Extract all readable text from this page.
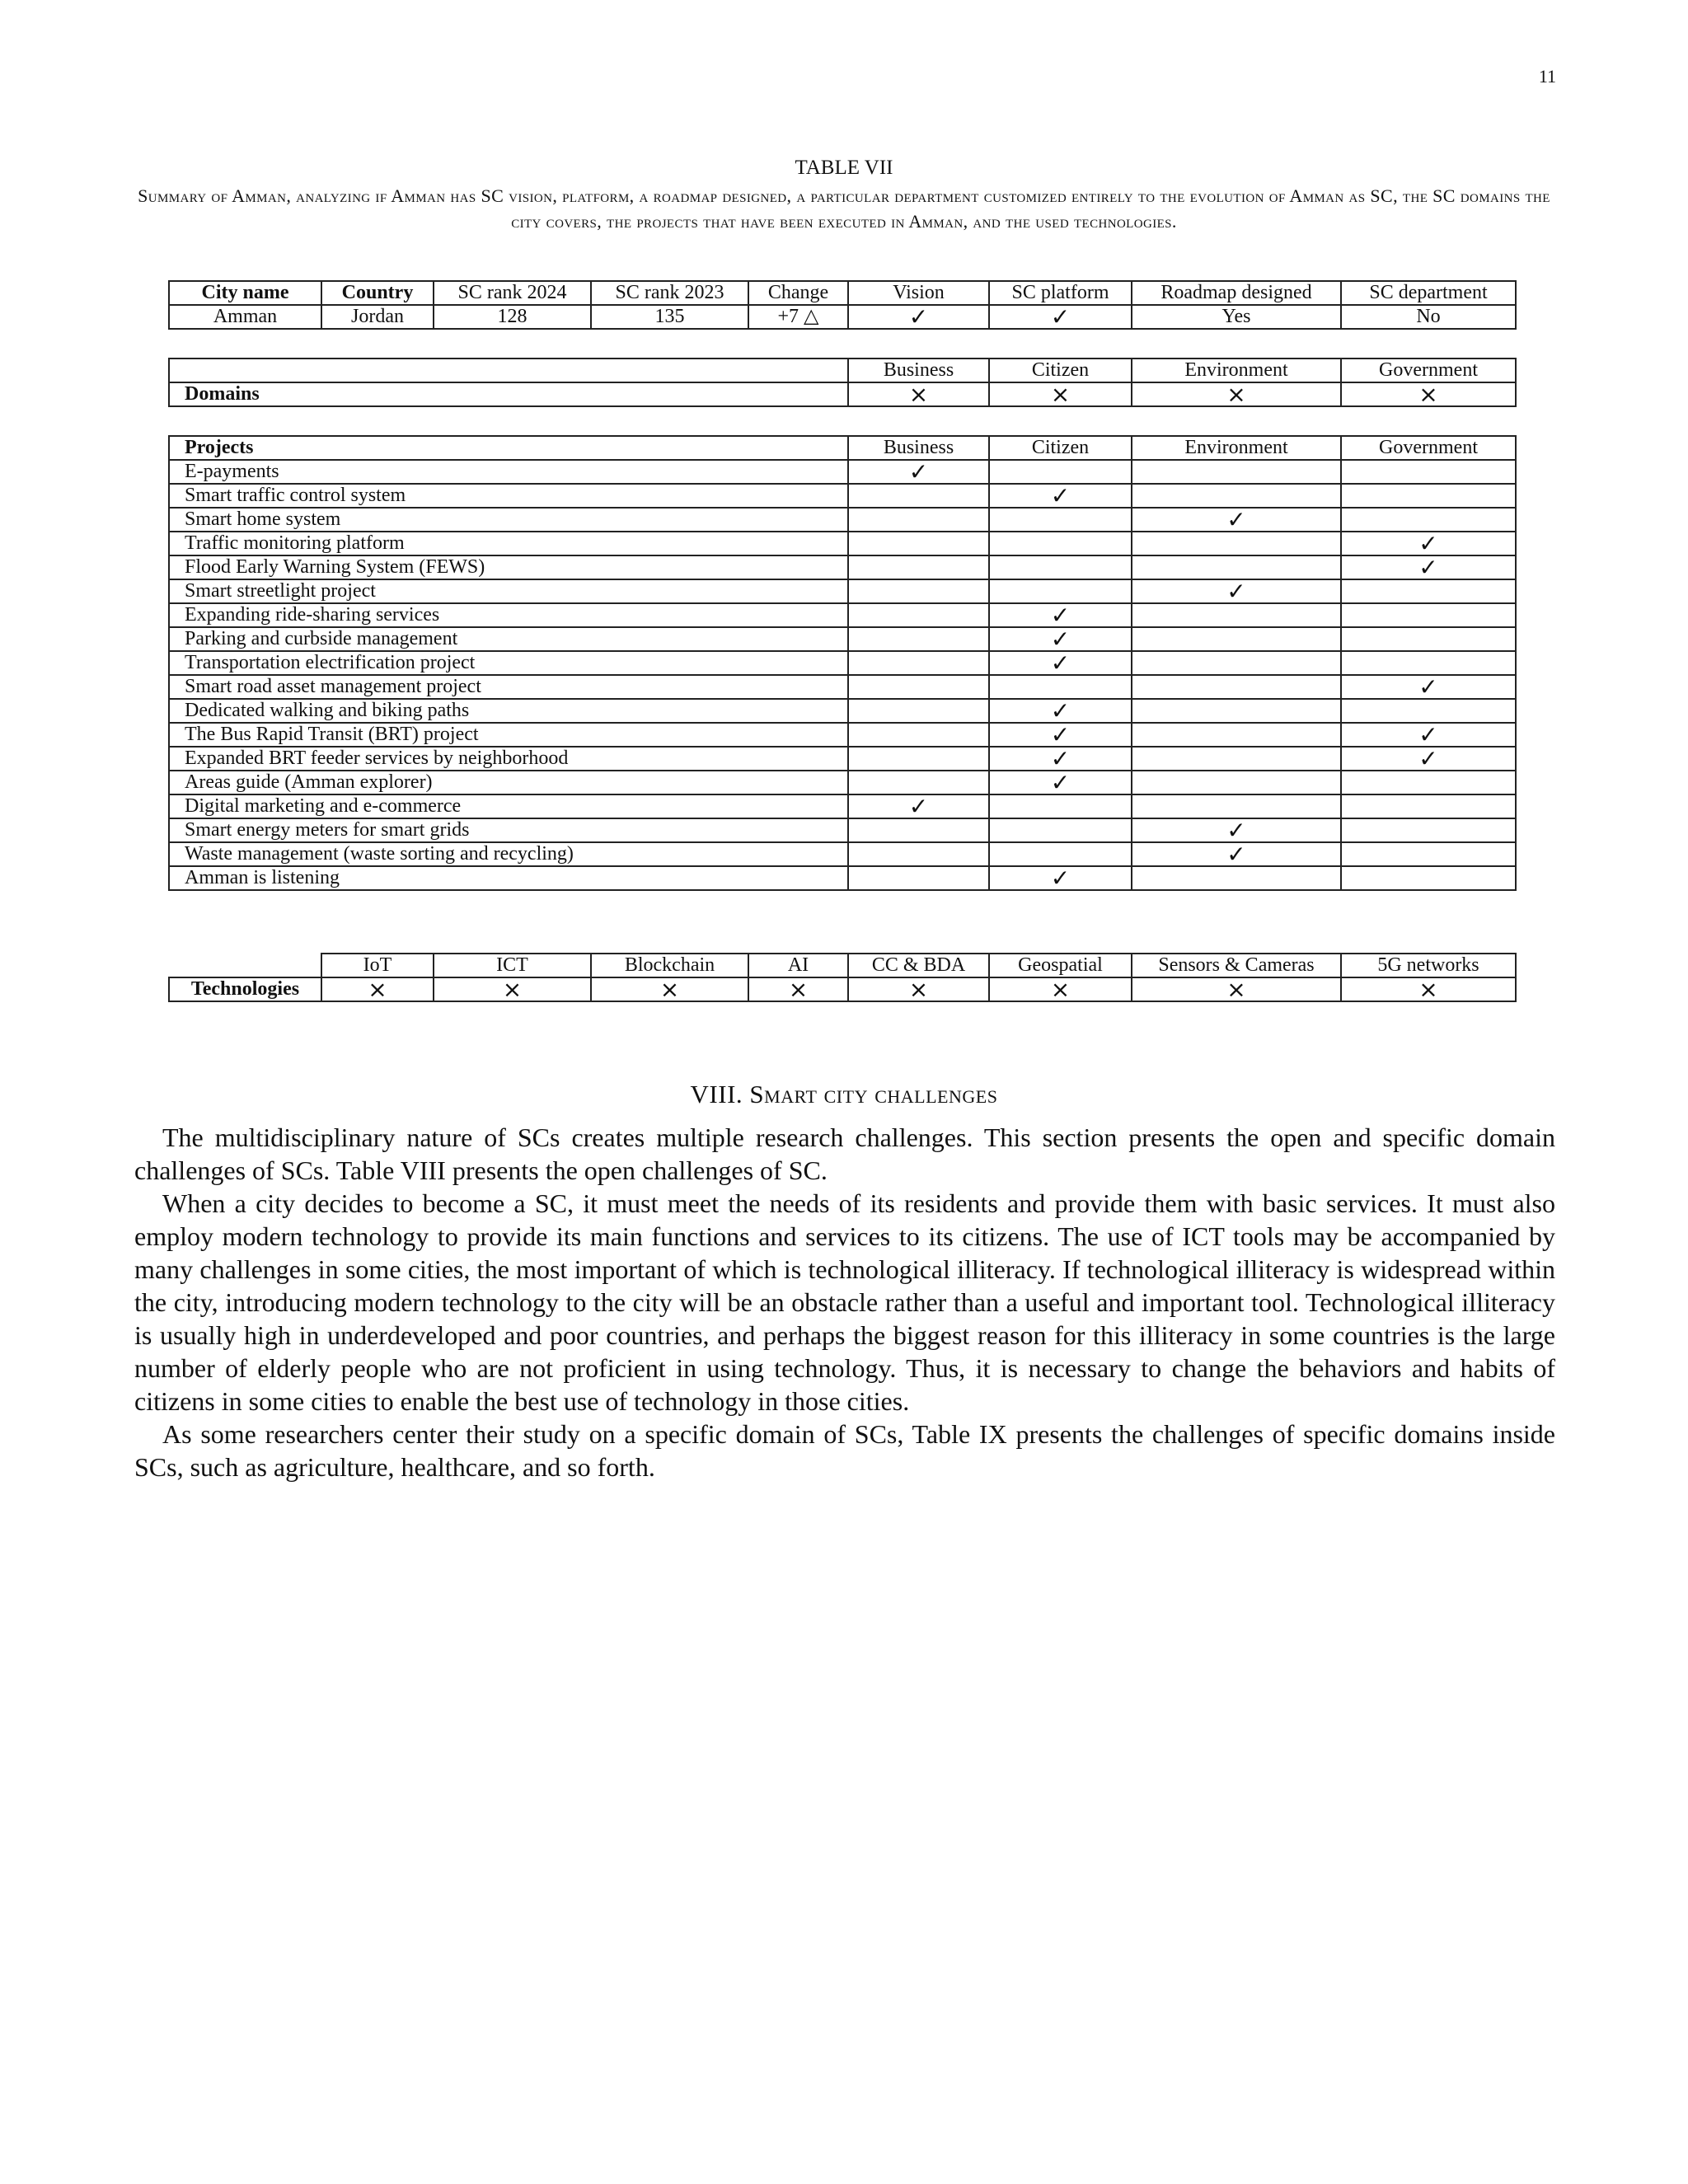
11
TABLE VII
Summary of Amman, analyzing if Amman has SC vision, platform, a roadmap designed, a particular department customized entirely to the evolution of Amman as SC, the SC domains the city covers, the projects that have been executed in Amman, and the used technologies.
City name	Country	SC rank 2024	SC rank 2023	Change	Vision	SC platform	Roadmap designed	SC department
Amman	Jordan	128	135	+7 △	✓	✓	Yes	No
	Business	Citizen	Environment	Government
Domains	×	×	×	×
Projects	Business	Citizen	Environment	Government
E-payments	✓			
Smart traffic control system		✓		
Smart home system			✓	
Traffic monitoring platform				✓
Flood Early Warning System (FEWS)				✓
Smart streetlight project			✓	
Expanding ride-sharing services		✓		
Parking and curbside management		✓		
Transportation electrification project		✓		
Smart road asset management project				✓
Dedicated walking and biking paths		✓		
The Bus Rapid Transit (BRT) project		✓		✓
Expanded BRT feeder services by neighborhood		✓		✓
Areas guide (Amman explorer)		✓		
Digital marketing and e-commerce	✓			
Smart energy meters for smart grids			✓	
Waste management (waste sorting and recycling)			✓	
Amman is listening		✓		
	IoT	ICT	Blockchain	AI	CC & BDA	Geospatial	Sensors & Cameras	5G networks
Technologies	×	×	×	×	×	×	×	×
VIII. Smart city challenges

The multidisciplinary nature of SCs creates multiple research challenges. This section presents the open and specific domain challenges of SCs. Table VIII presents the open challenges of SC.

When a city decides to become a SC, it must meet the needs of its residents and provide them with basic services. It must also employ modern technology to provide its main functions and services to its citizens. The use of ICT tools may be accompanied by many challenges in some cities, the most important of which is technological illiteracy. If technological illiteracy is widespread within the city, introducing modern technology to the city will be an obstacle rather than a useful and important tool. Technological illiteracy is usually high in underdeveloped and poor countries, and perhaps the biggest reason for this illiteracy in some countries is the large number of elderly people who are not proficient in using technology. Thus, it is necessary to change the behaviors and habits of citizens in some cities to enable the best use of technology in those cities.

As some researchers center their study on a specific domain of SCs, Table IX presents the challenges of specific domains inside SCs, such as agriculture, healthcare, and so forth.
